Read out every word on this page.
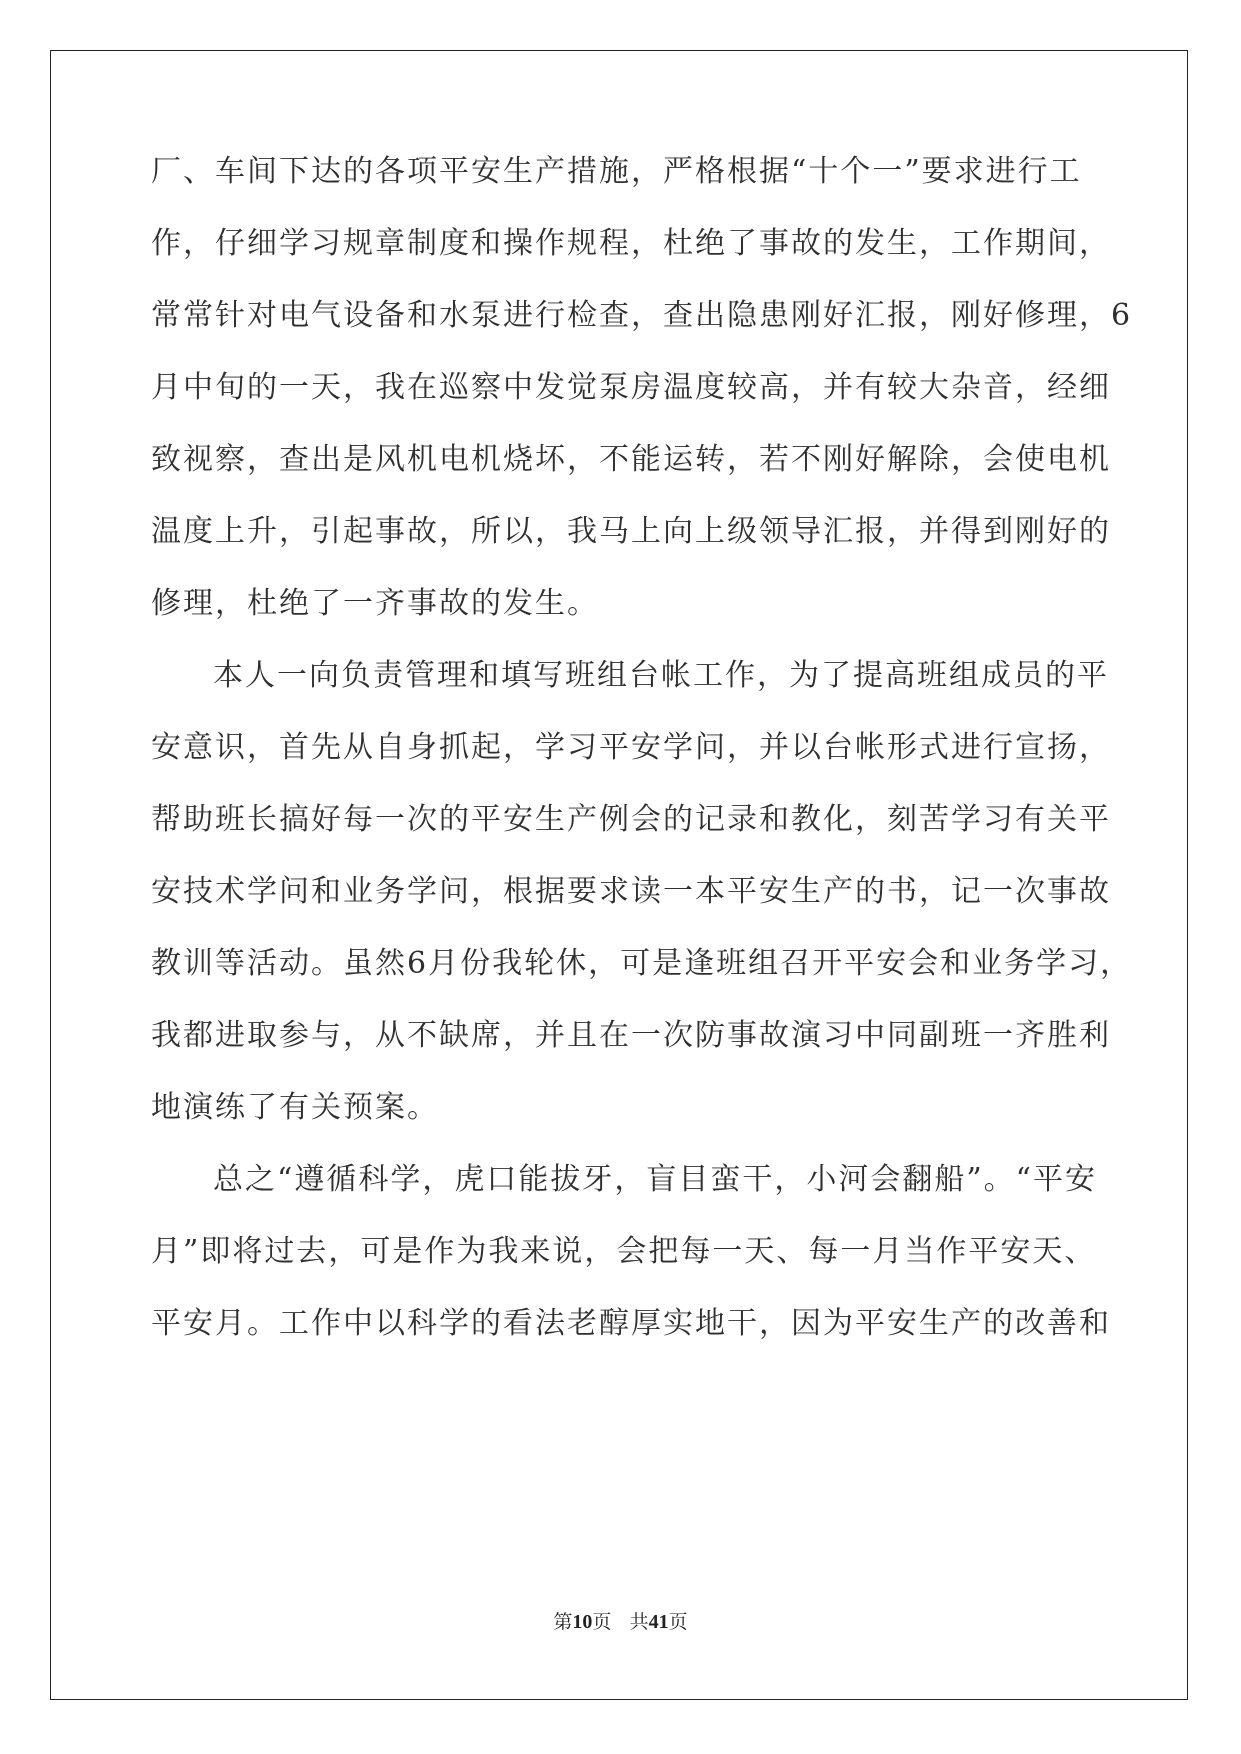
厂、车间下达的各项平安生产措施，严格根据“十个一”要求进行工
作，仔细学习规章制度和操作规程，杜绝了事故的发生，工作期间，
常常针对电气设备和水泵进行检查，查出隐患刚好汇报，刚好修理，6
月中旬的一天，我在巡察中发觉泵房温度较高，并有较大杂音，经细
致视察，查出是风机电机烧坏，不能运转，若不刚好解除，会使电机
温度上升，引起事故，所以，我马上向上级领导汇报，并得到刚好的
修理，杜绝了一齐事故的发生。
本人一向负责管理和填写班组台帐工作，为了提高班组成员的平
安意识，首先从自身抓起，学习平安学问，并以台帐形式进行宣扬，
帮助班长搞好每一次的平安生产例会的记录和教化，刻苦学习有关平
安技术学问和业务学问，根据要求读一本平安生产的书，记一次事故
教训等活动。虽然6月份我轮休，可是逢班组召开平安会和业务学习，
我都进取参与，从不缺席，并且在一次防事故演习中同副班一齐胜利
地演练了有关预案。
总之“遵循科学，虎口能拔牙，盲目蛮干，小河会翻船”。“平安
月”即将过去，可是作为我来说，会把每一天、每一月当作平安天、
平安月。工作中以科学的看法老醇厚实地干，因为平安生产的改善和
第10页 共41页
